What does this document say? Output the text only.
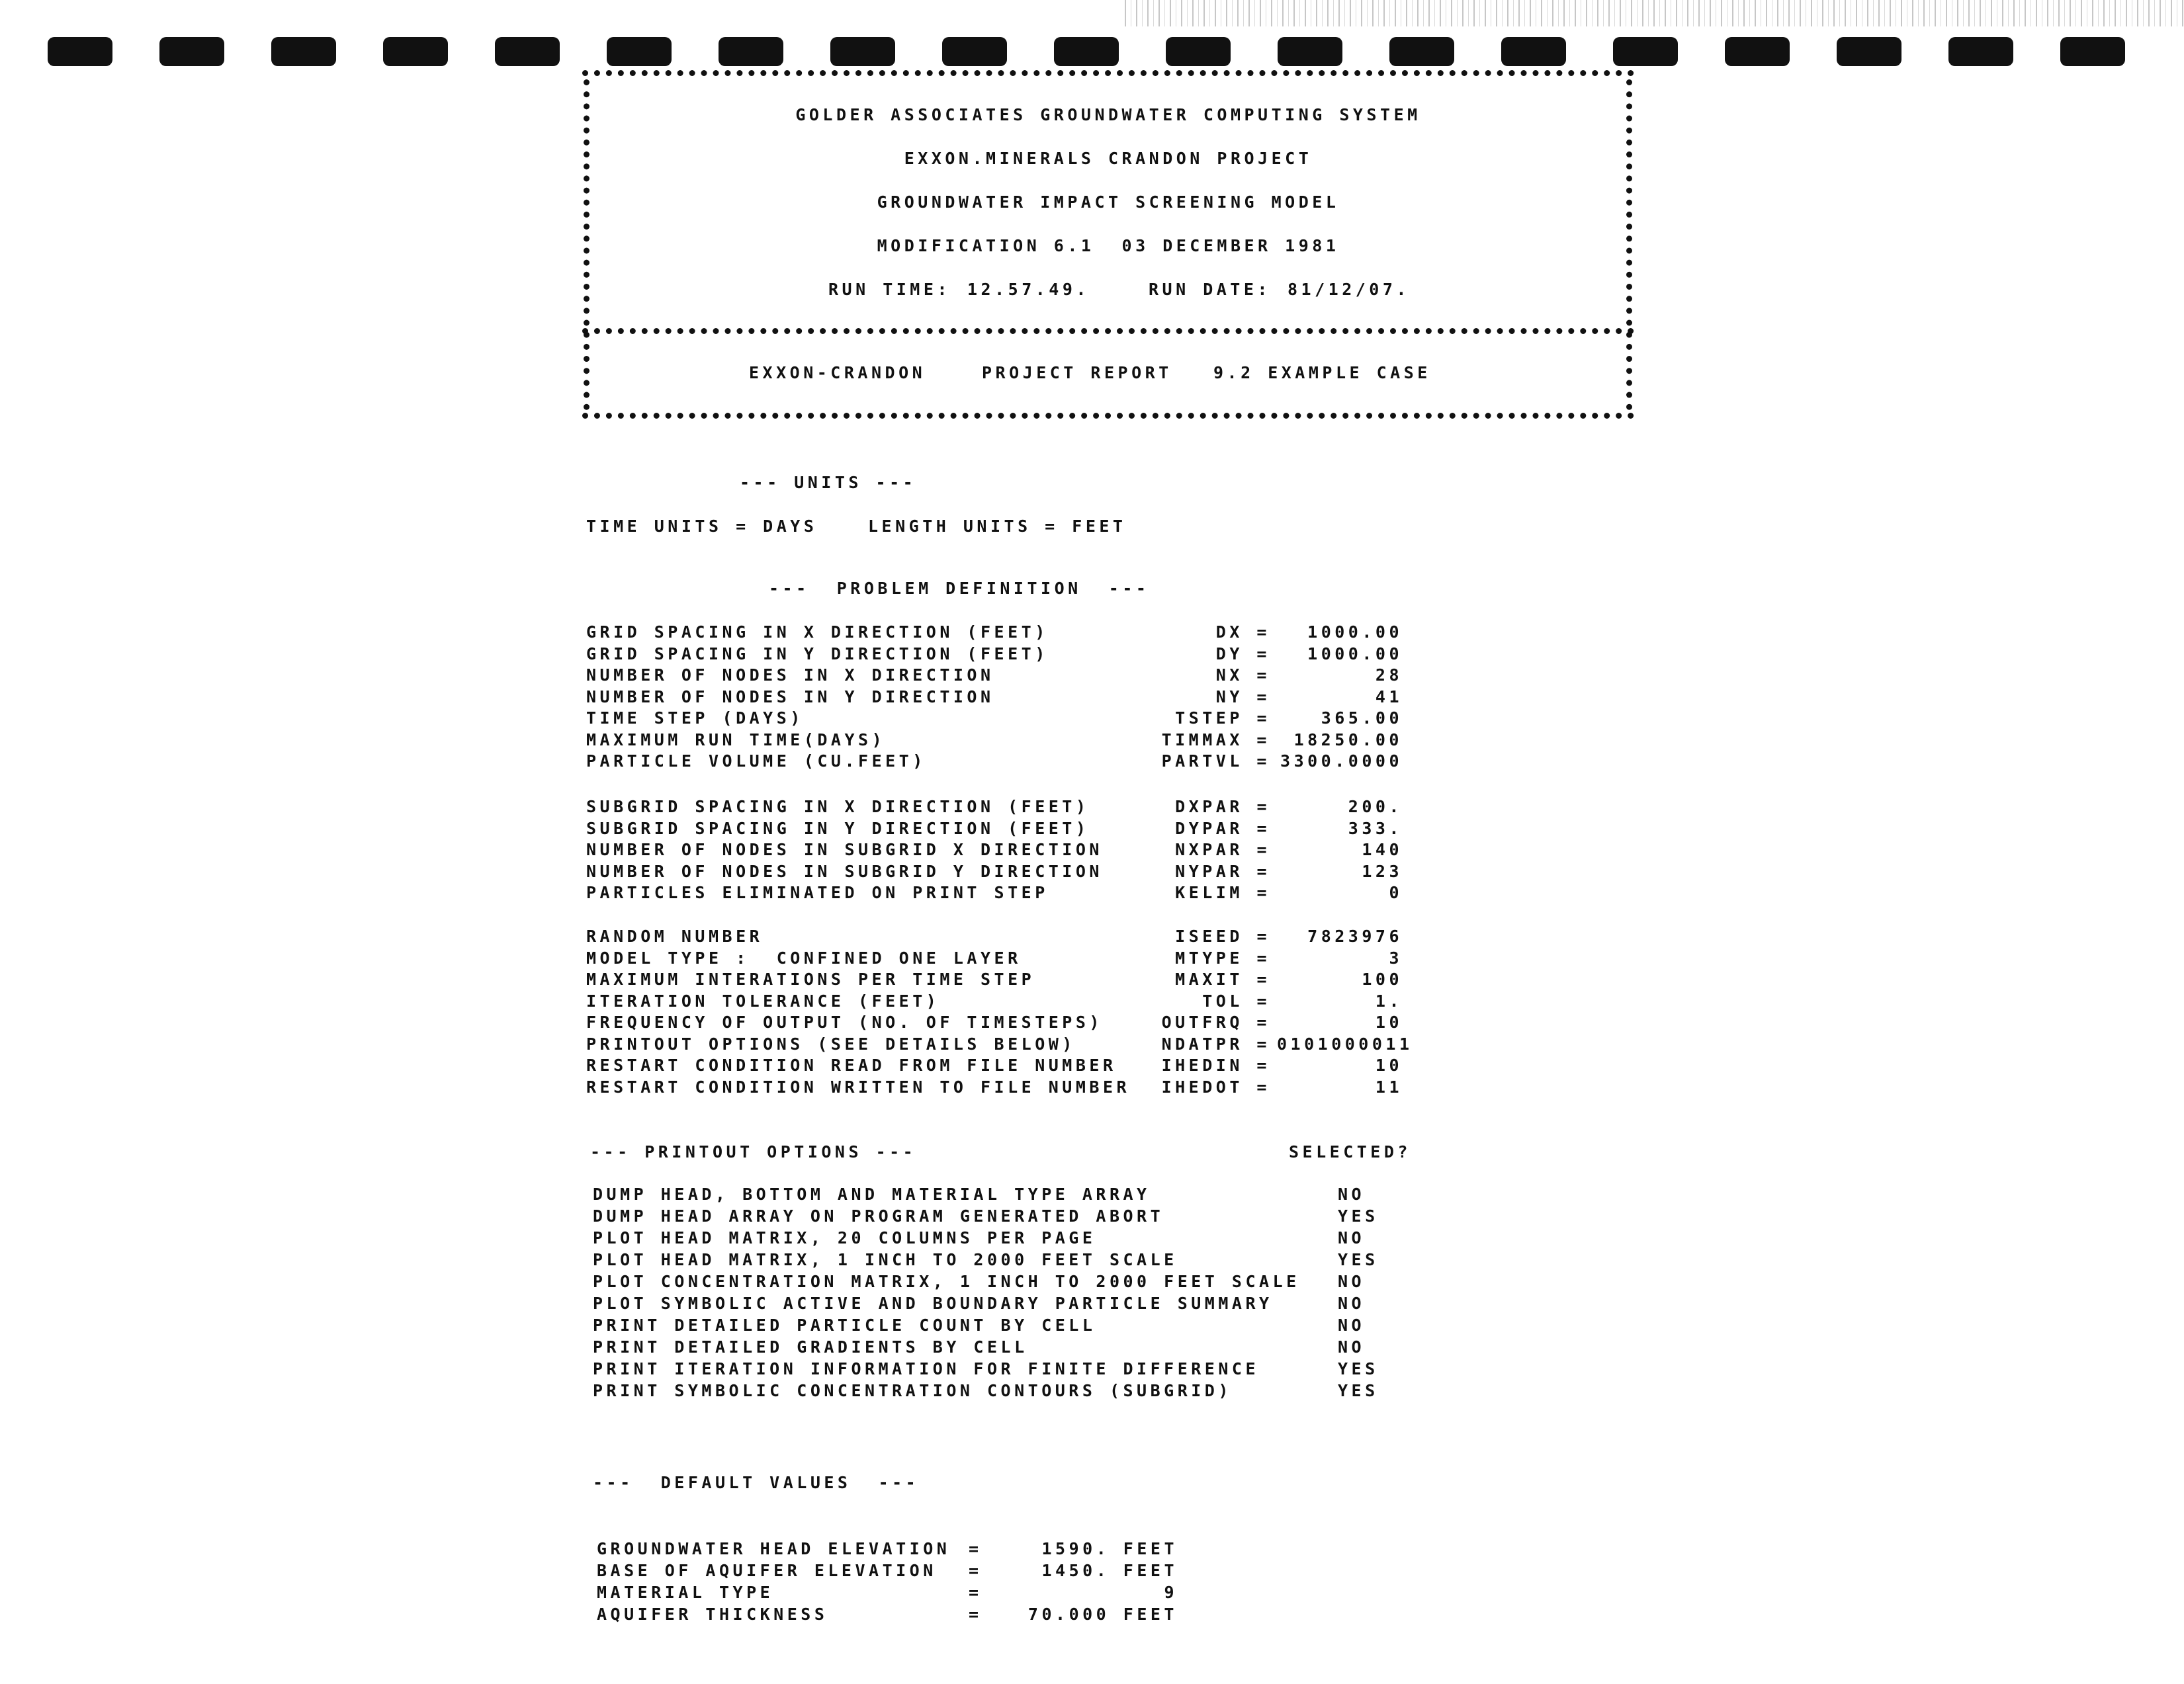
GOLDER ASSOCIATES GROUNDWATER COMPUTING SYSTEM
EXXON.MINERALS CRANDON PROJECT
GROUNDWATER IMPACT SCREENING MODEL
MODIFICATION 6.1  03 DECEMBER 1981
RUN TIME: 12.57.49.	RUN DATE: 81/12/07.
EXXON-CRANDON	PROJECT REPORT 9.2 EXAMPLE CASE
--- UNITS ---
TIME UNITS = DAYS	LENGTH UNITS = FEET
---  PROBLEM DEFINITION  ---
GRID SPACING IN X DIRECTION (FEET)	DX =	1000.00
GRID SPACING IN Y DIRECTION (FEET)	DY =	1000.00
NUMBER OF NODES IN X DIRECTION	NX =	28
NUMBER OF NODES IN Y DIRECTION	NY =	41
TIME STEP (DAYS)	TSTEP =	365.00
MAXIMUM RUN TIME(DAYS)	TIMMAX =	18250.00
PARTICLE VOLUME (CU.FEET)	PARTVL = 3300.0000
SUBGRID SPACING IN X DIRECTION (FEET)	DXPAR =	200.
SUBGRID SPACING IN Y DIRECTION (FEET)	DYPAR =	333.
NUMBER OF NODES IN SUBGRID X DIRECTION	NXPAR =	140
NUMBER OF NODES IN SUBGRID Y DIRECTION	NYPAR =	123
PARTICLES ELIMINATED ON PRINT STEP	KELIM =	0
RANDOM NUMBER	ISEED =	7823976
MODEL TYPE :  CONFINED ONE LAYER	MTYPE =	3
MAXIMUM INTERATIONS PER TIME STEP	MAXIT =	100
ITERATION TOLERANCE (FEET)	TOL =	1.
FREQUENCY OF OUTPUT (NO. OF TIMESTEPS)	OUTFRQ =	10
PRINTOUT OPTIONS (SEE DETAILS BELOW)	NDATPR = 0101000011
RESTART CONDITION READ FROM FILE NUMBER	IHEDIN =	10
RESTART CONDITION WRITTEN TO FILE NUMBER	IHEDOT =	11
--- PRINTOUT OPTIONS ---	SELECTED?
DUMP HEAD, BOTTOM AND MATERIAL TYPE ARRAY	NO
DUMP HEAD ARRAY ON PROGRAM GENERATED ABORT	YES
PLOT HEAD MATRIX, 20 COLUMNS PER PAGE	NO
PLOT HEAD MATRIX, 1 INCH TO 2000 FEET SCALE	YES
PLOT CONCENTRATION MATRIX, 1 INCH TO 2000 FEET SCALE NO
PLOT SYMBOLIC ACTIVE AND BOUNDARY PARTICLE SUMMARY	NO
PRINT DETAILED PARTICLE COUNT BY CELL	NO
PRINT DETAILED GRADIENTS BY CELL	NO
PRINT ITERATION INFORMATION FOR FINITE DIFFERENCE	YES
PRINT SYMBOLIC CONCENTRATION CONTOURS (SUBGRID)	YES
---  DEFAULT VALUES  ---
GROUNDWATER HEAD ELEVATION =	1590. FEET
BASE OF AQUIFER ELEVATION =	1450. FEET
MATERIAL TYPE	=	9
AQUIFER THICKNESS	=	70.000 FEET
